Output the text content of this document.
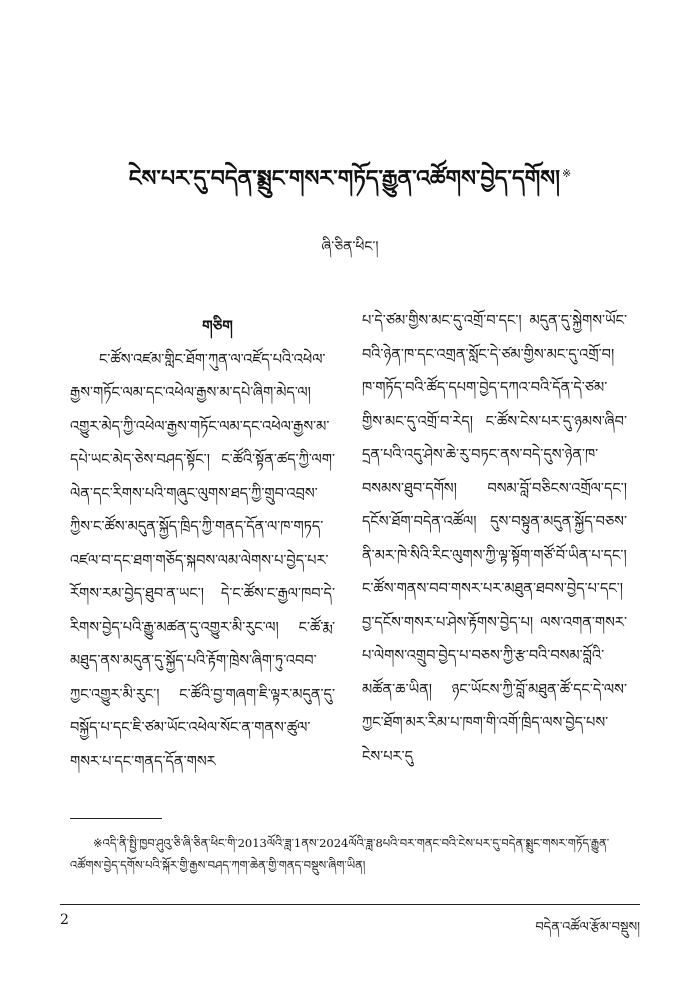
ངེས་པར་དུ་བདེན་སྨྲུང་གསར་གཏོད་རྒྱུན་འཚོགས་བྱེད་དགོས། ※

ཞི་ཅིན་ཕིང་།

གཅིག

ང་ཚོས་འཛམ་གླིང་ཐོག་ཀུན་ལ་འཛོད་པའི་འཕེལ་རྒྱས་གཏོང་ལམ་དང་འཕེལ་རྒྱས་མ་དཔེ་ཞིག་མེད་ལ། འགྱུར་མེད་ཀྱི་འཕེལ་རྒྱས་གཏོང་ལམ་དང་འཕེལ་རྒྱས་མ་དཔེ་ཡང་མེད་ཅེས་བཤད་སྟོང་། ང་ཚོའི་སྟོན་ཚད་ཀྱི་ལག་ལེན་དང་རིགས་པའི་གཞུང་ལུགས་ཐད་ཀྱི་གྲུབ་འབྲས་ཀྱིས་ང་ཚོས་མདུན་སྐྱོད་ཁྲིད་ཀྱི་གནད་དོན་ལ་ཁ་གཏད་འཛལ་བ་དང་ཐག་གཅོད་སྐབས་ལམ་ལེགས་པ་བྱེད་པར་རོགས་རམ་བྱེད་ཐུབ་ན་ཡང་། དེ་ང་ཚོས་ང་རྒྱལ་ཁབ་དེ་རིགས་བྱེད་པའི་རྒྱུ་མཚན་དུ་འགྱུར་མི་རུང་ལ། ང་ཚོ་རྨ་མཐུད་ནས་མདུན་དུ་སྐྱོད་པའི་རྟོག་ཁྲེས་ཞིག་ཏུ་འབབ་ཀྱང་འགྱུར་མི་རུང་། ང་ཚོའི་བྱ་གཞག་ཇི་ལྟར་མདུན་དུ་བསྐྱོད་པ་དང་ཇི་ཙམ་ཡོང་འཕེལ་སོང་ན་གནས་ཚུལ་གསར་པ་དང་གནད་དོན་གསར

པ་དེ་ཙམ་གྱིས་མང་དུ་འགྲོ་བ་དང་། མདུན་དུ་སྐྱེགས་ཡོང་བའི་ཉེན་ཁ་དང་འགྲན་སློང་དེ་ཙམ་གྱིས་མང་དུ་འགྲོ་བ། ཁ་གཏོད་བའི་ཚོད་དཔག་བྱེད་དཀའ་བའི་དོན་དེ་ཙམ་གྱིས་མང་དུ་འགྲོ་བ་རེད། ང་ཚོས་ངེས་པར་དུ་ཉམས་ཞིབ་དྲན་པའི་འདུ་ཤེས་ཆེ་རུ་བཏང་ནས་བདེ་དུས་ཉེན་ཁ་བསམས་ཐུབ་དགོས། བསམ་བློ་བཅིངས་འགྲོལ་དང་། དངོས་ཐོག་བདེན་འཚོལ། དུས་བསྟུན་མདུན་སྐྱོད་བཅས་ནི་མར་ཁེ་སིའི་རིང་ལུགས་ཀྱི་ལྟ་སྟོག་གཙོ་བོ་ཡིན་པ་དང་། ང་ཚོས་གནས་བབ་གསར་པར་མཐུན་ཐབས་བྱེད་པ་དང་། བྱ་དངོས་གསར་པ་ཤེས་རྟོགས་བྱེད་པ། ལས་འགན་གསར་པ་ལེགས་འགྲུབ་བྱེད་པ་བཅས་ཀྱི་རྩ་བའི་བསམ་བློའི་མཚོན་ཆ་ཡིན། ཉང་ཡོངས་ཀྱི་བློ་མཐུན་ཚོ་དང་དེ་ལས་ཀྱང་ཐོག་མར་རིམ་པ་ཁག་གི་འགོ་ཁྲིད་ལས་བྱེད་པས་ངེས་པར་དུ

※འདི་ནི་སྤྱི་ཁྱབ་ཤུའུ་ཅི་ཞི་ཅིན་ཕིང་གི་2013ལོའི་ཟླ་1ནས་2024ལོའི་ཟླ་8པའི་བར་གནང་བའི་ངེས་པར་དུ་བདེན་སྨྲུང་གསར་གཏོད་རྒྱུན་འཚོགས་བྱེད་དགོས་པའི་སྐོར་གྱི་རྒྱས་བཤད་ཀག་ཆེན་གྱི་གནད་བསྡུས་ཞིག་ཡིན།

2	བདེན་འཚོལ་རྩོམ་བསྡུས།
